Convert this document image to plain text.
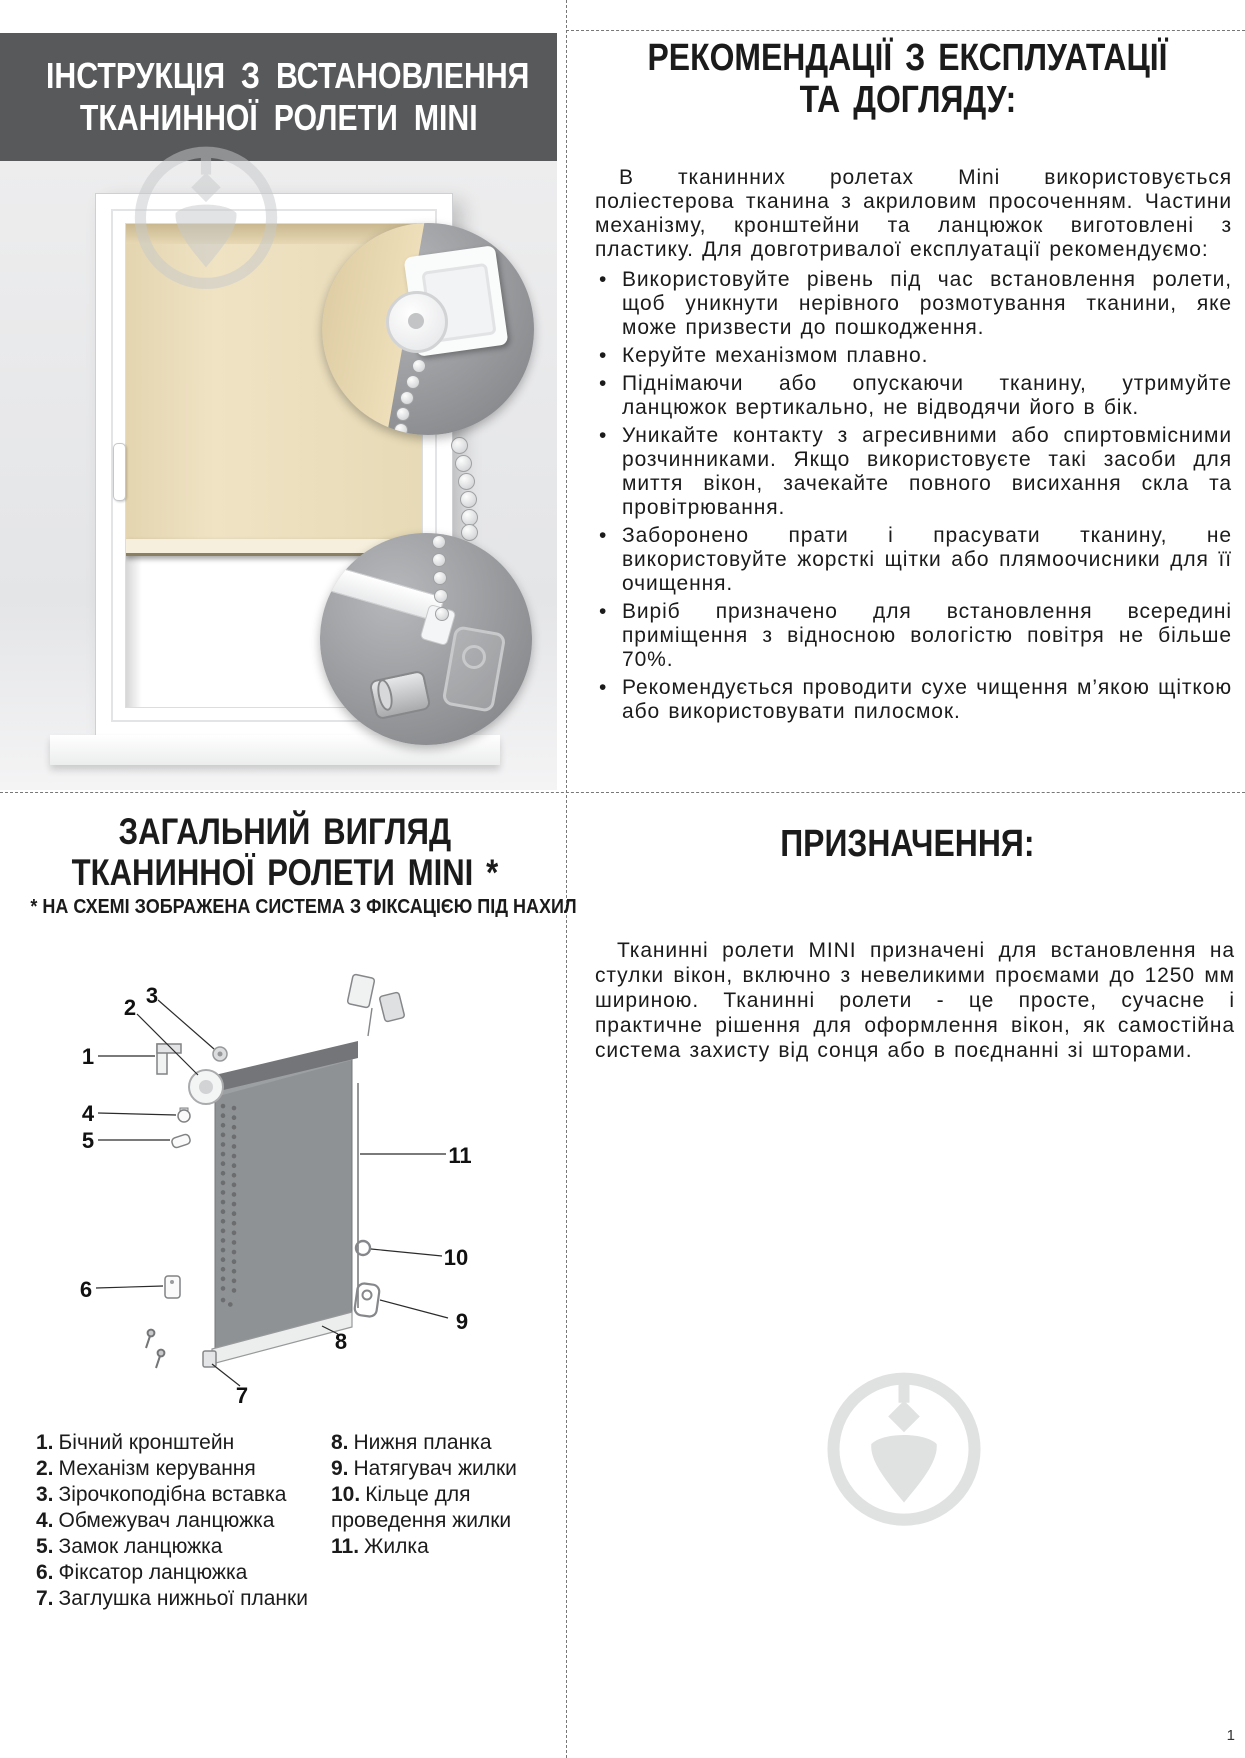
ІНСТРУКЦІЯ З ВСТАНОВЛЕННЯ
ТКАНИННОЇ РОЛЕТИ MINI
РЕКОМЕНДАЦІЇ З ЕКСПЛУАТАЦІЇ
ТА ДОГЛЯДУ:

В тканинних ролетах Mini використовується поліестерова тканина з акриловим просоченням. Частини механізму, кронштейни та ланцюжок виготовлені з пластику. Для довготривалої експлуатації рекомендуємо:

• Використовуйте рівень під час встановлення ролети, щоб уникнути нерівного розмотування тканини, яке може призвести до пошкодження.
• Керуйте механізмом плавно.
• Піднімаючи або опускаючи тканину, утримуйте ланцюжок вертикально, не відводячи його в бік.
• Уникайте контакту з агресивними або спиртовмісними розчинниками. Якщо використовуєте такі засоби для миття вікон, зачекайте повного висихання скла та провітрювання.
• Заборонено прати і прасувати тканину, не використовуйте жорсткі щітки або плямоочисники для її очищення.
• Виріб призначено для встановлення всередині приміщення з відносною вологістю повітря не більше 70%.
• Рекомендується проводити сухе чищення м’якою щіткою або використовувати пилосмок.
ЗАГАЛЬНИЙ ВИГЛЯД
ТКАНИННОЇ РОЛЕТИ MINI *
* НА СХЕМІ ЗОБРАЖЕНА СИСТЕМА З ФІКСАЦІЄЮ ПІД НАХИЛ
1
2 3
4
5
6
7
8
9
10
11
1. Бічний кронштейн
2. Механізм керування
3. Зірочкоподібна вставка
4. Обмежувач ланцюжка
5. Замок ланцюжка
6. Фіксатор ланцюжка
7. Заглушка нижньої планки
8. Нижня планка
9. Натягувач жилки
10. Кільце для проведення жилки
11. Жилка
ПРИЗНАЧЕННЯ:
Тканинні ролети MINI призначені для встановлення на стулки вікон, включно з невеликими проємами до 1250 мм шириною. Тканинні ролети - це просте, сучасне і практичне рішення для оформлення вікон, як самостійна система захисту від сонця або в поєднанні зі шторами.
1
